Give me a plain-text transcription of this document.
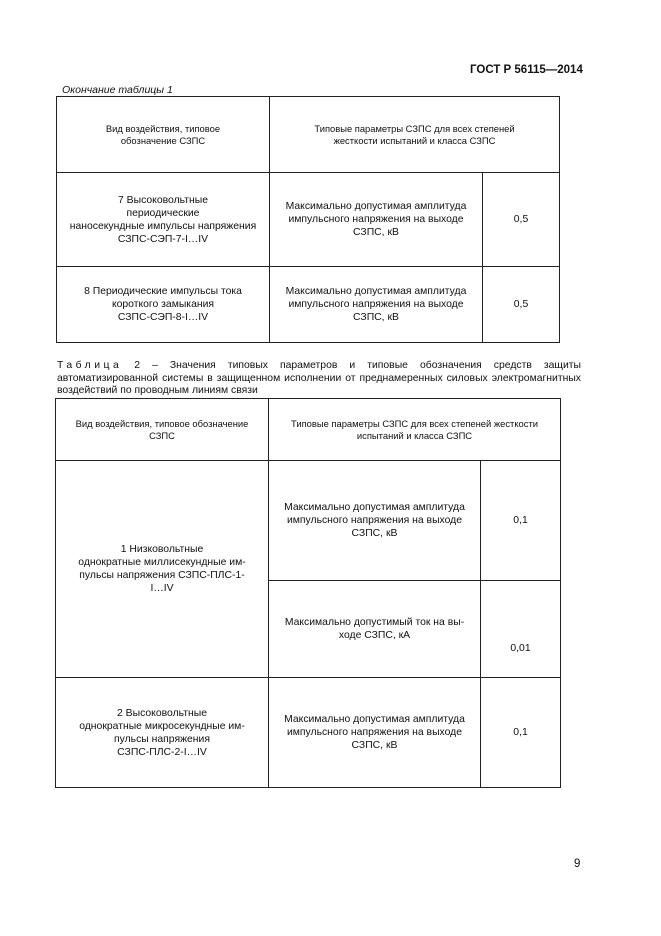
ГОСТ Р 56115—2014
Окончание таблицы 1
Вид воздействия, типовое
обозначение СЗПС	Типовые параметры СЗПС для всех степеней
жесткости испытаний и класса СЗПС	

7 Высоковольтные
периодические
наносекундные импульсы напряжения
СЗПС-СЭП-7-I…IV	Максимально допустимая амплитуда
импульсного напряжения на выходе
СЗПС, кВ	0,5

8 Периодические импульсы тока
короткого замыкания
СЗПС-СЭП-8-I…IV	Максимально допустимая амплитуда
импульсного напряжения на выходе
СЗПС, кВ	0,5
Таблица 2 – Значения типовых параметров и типовые обозначения средств защиты автоматизированной системы в защищенном исполнении от преднамеренных силовых электромагнитных воздействий по проводным линиям связи
Вид воздействия, типовое обозначение
СЗПС	Типовые параметры СЗПС для всех степеней жесткости
испытаний и класса СЗПС	

1 Низковольтные
однократные миллисекундные им-
пульсы напряжения СЗПС-ПЛС-1-
I…IV	Максимально допустимая амплитуда
импульсного напряжения на выходе
СЗПС, кВ	0,1

	Максимально допустимый ток на вы-
ходе СЗПС, кА	0,01

2 Высоковольтные
однократные микросекундные им-
пульсы напряжения
СЗПС-ПЛС-2-I…IV	Максимально допустимая амплитуда
импульсного напряжения на выходе
СЗПС, кВ	0,1
9
